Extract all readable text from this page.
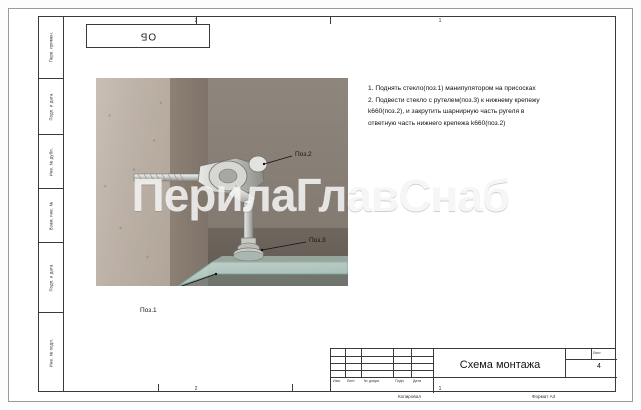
Перв. примен.
Подп. и дата
Инв. № дубл.
Взам. инв. №
Подп. и дата
Инв. № подл.
2	1
ОБ
Поз.2
Поз.3
Поз.1

1. Поднять стекло(поз.1) манипулятором на присосках

2. Подвести стекло с рутелем(поз.3) к нижнему крепежу

k660(поз.2), и закрутить шарнирную часть ругеля в

ответную часть нижнего крепежа k660(поз.2)

ПерилаГлавСнаб
Схема монтажа
Изм. Лист	№ докум.	Подп. Дата
Лист
4
Копировал	Формат A3
2	1
